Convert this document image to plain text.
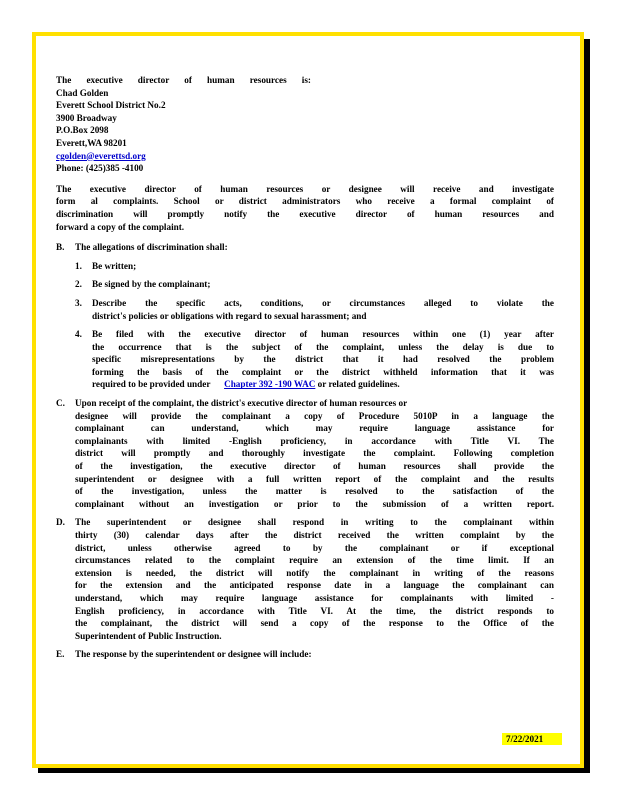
The executive director of human resources is:
Chad Golden
Everett School District No.2
3900 Broadway
P.O.Box 2098
Everett,WA 98201
cgolden@everettsd.org
Phone: (425)385 -4100
The executive director of human resources or designee will receive and investigate
form al complaints. School or district administrators who receive a formal complaint of
discrimination will promptly notify the executive director of human resources and
forward a copy of the complaint.
B. The allegations of discrimination shall:
1. Be written;
2. Be signed by the complainant;
3. Describe the specific acts, conditions, or circumstances alleged to violate the
district's policies or obligations with regard to sexual harassment; and
4. Be filed with the executive director of human resources within one (1) year after
the occurrence that is the subject of the complaint, unless the delay is due to
specific misrepresentations by the district that it had resolved the problem
forming the basis of the complaint or the district withheld information that it was
required to be provided under Chapter 392 -190 WAC or related guidelines.
C. Upon receipt of the complaint, the district's executive director of human resources or
designee will provide the complainant a copy of Procedure 5010P in a language the
complainant can understand, which may require language assistance for
complainants with limited -English proficiency, in accordance with Title VI. The
district will promptly and thoroughly investigate the complaint. Following completion
of the investigation, the executive director of human resources shall provide the
superintendent or designee with a full written report of the complaint and the results
of the investigation, unless the matter is resolved to the satisfaction of the
complainant without an investigation or prior to the submission of a written report.
D. The superintendent or designee shall respond in writing to the complainant within
thirty (30) calendar days after the district received the written complaint by the
district, unless otherwise agreed to by the complainant or if exceptional
circumstances related to the complaint require an extension of the time limit. If an
extension is needed, the district will notify the complainant in writing of the reasons
for the extension and the anticipated response date in a language the complainant can
understand, which may require language assistance for complainants with limited -
English proficiency, in accordance with Title VI. At the time, the district responds to
the complainant, the district will send a copy of the response to the Office of the
Superintendent of Public Instruction.
E. The response by the superintendent or designee will include:
7/22/2021
